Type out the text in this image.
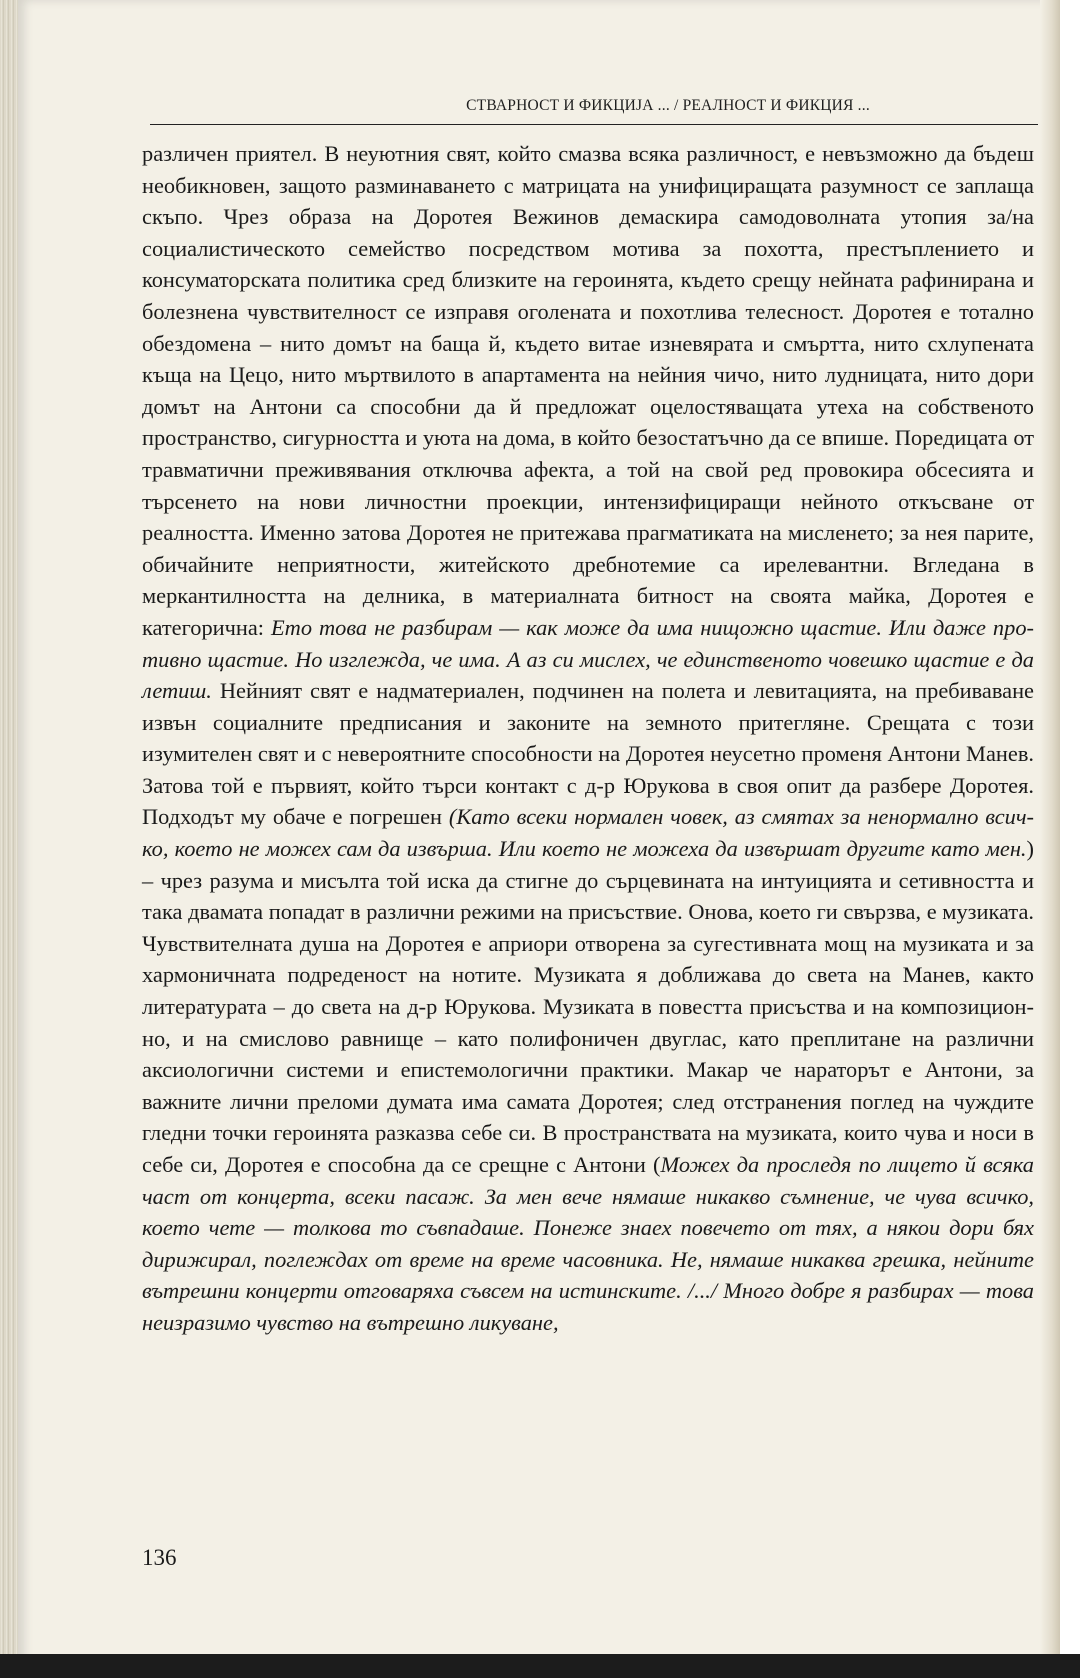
СТВАРНОСТ И ФИКЦИЈА ... / РЕАЛНОСТ И ФИКЦИЯ ...

различен приятел. В неуютния свят, който смазва всяка различност, е невъзможно да бъдеш необикновен, защото разминаването с матрицата на унифициращата разумност се заплаща скъпо. Чрез образа на Доротея Вежинов демаскира самодоволната утопия за/на социалистическото семейство посредством мотива за похотта, престъплението и консуматорската политика сред близките на героинята, където срещу нейната рафинирана и болезнена чувствителност се изправя оголената и похотлива телесност. Доротея е тотално обездомена – нито домът на баща й, където витае изневярата и смъртта, нито схлупената къща на Цецо, нито мъртвилото в апартамента на нейния чичо, нито лудницата, нито дори домът на Антони са способни да й предложат оцелостяващата утеха на собственото пространство, сигурността и уюта на дома, в който безостатъчно да се впише. Поредицата от травматични преживявания отключва афекта, а той на свой ред провокира обсесията и търсенето на нови личностни проекции, интензифициращи нейното откъсване от реалността. Именно затова Доротея не притежава прагматиката на мисленето; за нея парите, обичайните неприятности, житейското дребнотемие са ирелевантни. Вгледана в меркантилността на делника, в материалната битност на своята майка, Доротея е категорична: Ето това не разбирам — как може да има нищожно щастие. Или даже противно щастие. Но изглежда, че има. А аз си мислех, че единственото човешко щастие е да летиш. Нейният свят е надматериален, подчинен на полета и левитацията, на пребиваване извън социалните предписания и законите на земното притегляне. Срещата с този изумителен свят и с невероятните способности на Доротея неусетно променя Антони Манев. Затова той е първият, който търси контакт с д-р Юрукова в своя опит да разбере Доротея. Подходът му обаче е погрешен (Като всеки нормален човек, аз смятах за ненормално всичко, което не можех сам да извърша. Или което не можеха да извършат другите като мен.) – чрез разума и мисълта той иска да стигне до сърцевината на интуицията и сетивността и така двамата попадат в различни режими на присъствие. Онова, което ги свързва, е музиката. Чувствителната душа на Доротея е априори отворена за сугестивната мощ на музиката и за хармоничната подреденост на нотите. Музиката я доближава до света на Манев, както литературата – до света на д-р Юрукова. Музиката в повестта присъства и на композиционно, и на смислово равнище – като полифоничен двуглас, като преплитане на различни аксиологични системи и епистемологични практики. Макар че нараторът е Антони, за важните лични преломи думата има самата Доротея; след отстранения поглед на чуждите гледни точки героинята разказва себе си. В пространствата на музиката, които чува и носи в себе си, Доротея е способна да се срещне с Антони (Можех да проследя по лицето й всяка част от концерта, всеки пасаж. За мен вече нямаше никакво съмнение, че чува всичко, което чете — толкова то съвпадаше. Понеже знаех повечето от тях, а някои дори бях дирижирал, поглеждах от време на време часовника. Не, нямаше никаква грешка, нейните вътрешни концерти отговаряха съвсем на истинските. /.../ Много добре я разбирах — това неизразимо чувство на вътрешно ликуване,

136
